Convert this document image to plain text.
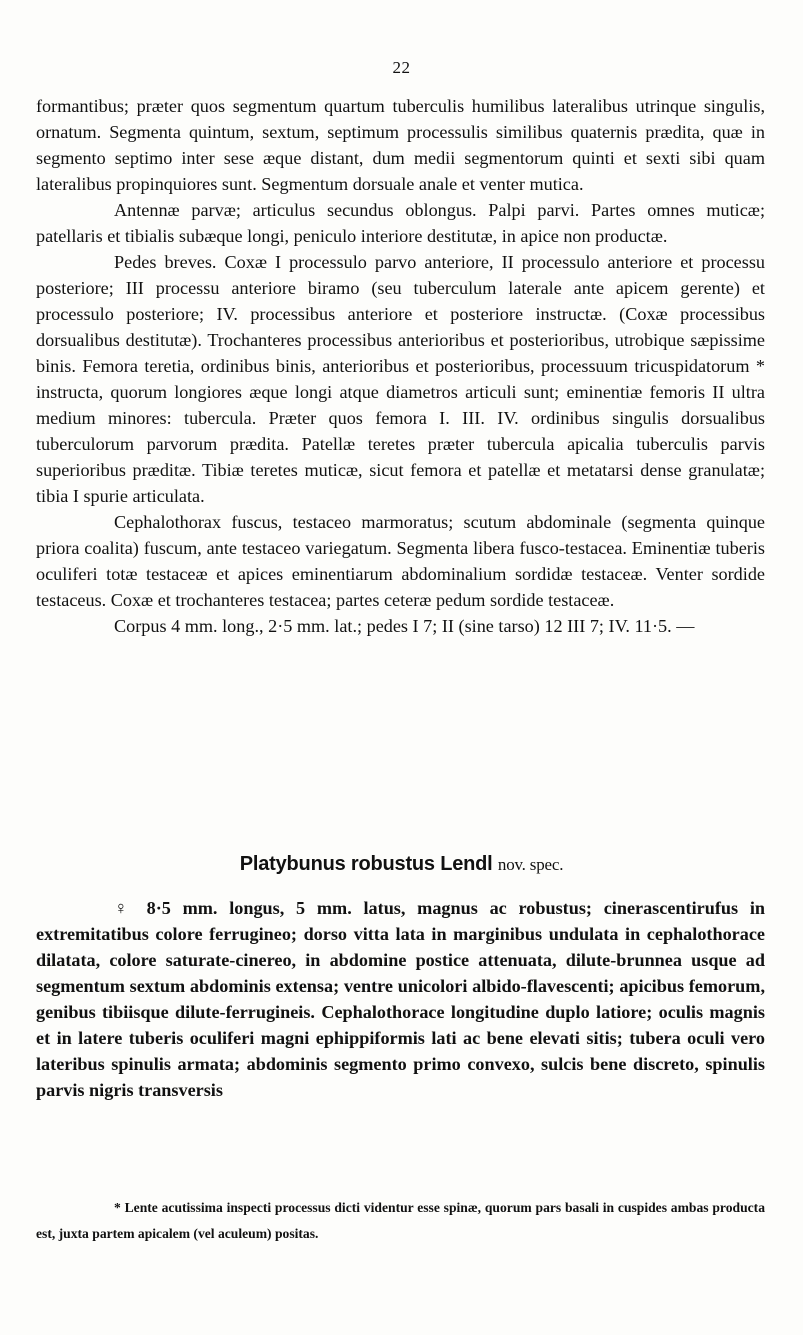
22

formantibus; præter quos segmentum quartum tuberculis humilibus lateralibus utrinque singulis, ornatum. Segmenta quintum, sextum, septimum processulis similibus quaternis prædita, quæ in segmento septimo inter sese æque distant, dum medii segmentorum quinti et sexti sibi quam lateralibus propinquiores sunt. Segmentum dorsuale anale et venter mutica.

Antennæ parvæ; articulus secundus oblongus. Palpi parvi. Partes omnes muticæ; patellaris et tibialis subæque longi, peniculo interiore destitutæ, in apice non productæ.

Pedes breves. Coxæ I processulo parvo anteriore, II processulo anteriore et processu posteriore; III processu anteriore biramo (seu tuberculum laterale ante apicem gerente) et processulo posteriore; IV. processibus anteriore et posteriore instructæ. (Coxæ processibus dorsualibus destitutæ). Trochanteres processibus anterioribus et posterioribus, utrobique sæpissime binis. Femora teretia, ordinibus binis, anterioribus et posterioribus, processuum tricuspidatorum * instructa, quorum longiores æque longi atque diametros articuli sunt; eminentiæ femoris II ultra medium minores: tubercula. Præter quos femora I. III. IV. ordinibus singulis dorsualibus tuberculorum parvorum prædita. Patellæ teretes præter tubercula apicalia tuberculis parvis superioribus præditæ. Tibiæ teretes muticæ, sicut femora et patellæ et metatarsi dense granulatæ; tibia I spurie articulata.

Cephalothorax fuscus, testaceo marmoratus; scutum abdominale (segmenta quinque priora coalita) fuscum, ante testaceo variegatum. Segmenta libera fusco-testacea. Eminentiæ tuberis oculiferi totæ testaceæ et apices eminentiarum abdominalium sordidæ testaceæ. Venter sordide testaceus. Coxæ et trochanteres testacea; partes ceteræ pedum sordide testaceæ.

Corpus 4 mm. long., 2·5 mm. lat.; pedes I 7; II (sine tarso) 12 III 7; IV. 11·5. —

Platybunus robustus Lendl nov. spec.

♀ 8·5 mm. longus, 5 mm. latus, magnus ac robustus; cinerascentirufus in extremitatibus colore ferrugineo; dorso vitta lata in marginibus undulata in cephalothorace dilatata, colore saturate-cinereo, in abdomine postice attenuata, dilute-brunnea usque ad segmentum sextum abdominis extensa; ventre unicolori albido-flavescenti; apicibus femorum, genibus tibiisque dilute-ferrugineis. Cephalothorace longitudine duplo latiore; oculis magnis et in latere tuberis oculiferi magni ephippiformis lati ac bene elevati sitis; tubera oculi vero lateribus spinulis armata; abdominis segmento primo convexo, sulcis bene discreto, spinulis parvis nigris transversis

* Lente acutissima inspecti processus dicti videntur esse spinæ, quorum pars basali in cuspides ambas producta est, juxta partem apicalem (vel aculeum) positas.
